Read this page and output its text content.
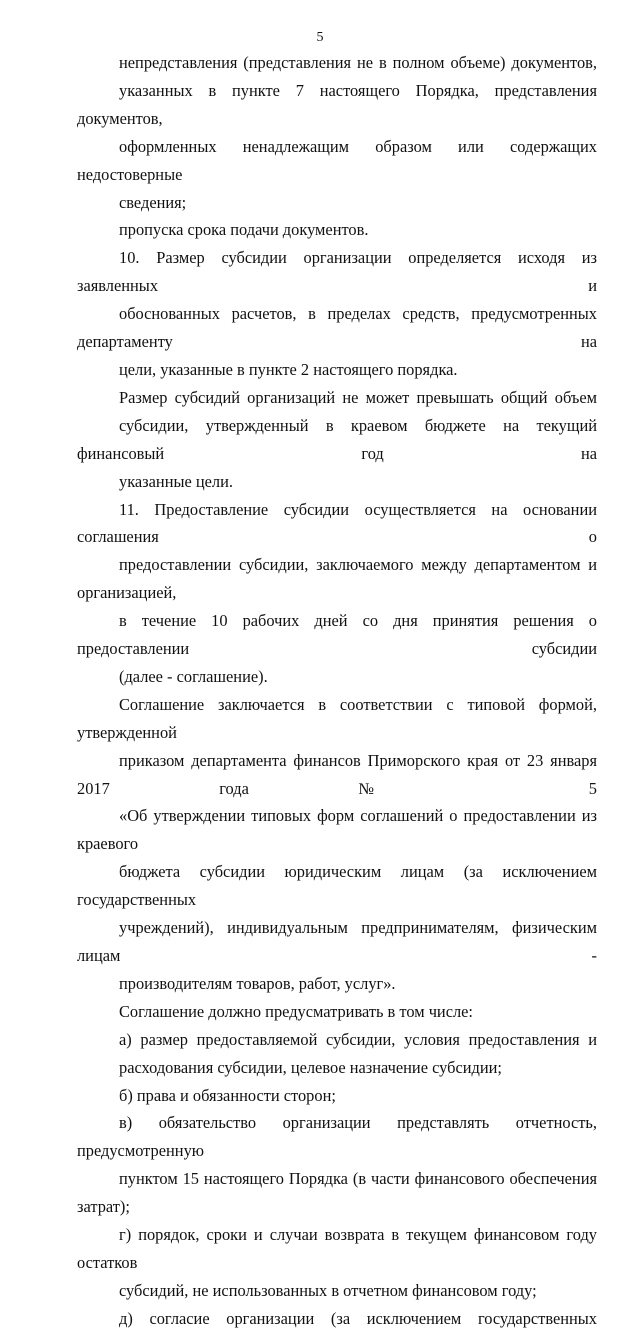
5
непредставления (представления не в полном объеме) документов,
указанных в пункте 7 настоящего Порядка, представления документов,
оформленных ненадлежащим образом или содержащих недостоверные
сведения;
пропуска срока подачи документов.
10. Размер субсидии организации определяется исходя из заявленных и
обоснованных расчетов, в пределах средств, предусмотренных департаменту на
цели, указанные в пункте 2 настоящего порядка.
Размер субсидий организаций не может превышать общий объем
субсидии, утвержденный в краевом бюджете на текущий финансовый год на
указанные цели.
11. Предоставление субсидии осуществляется на основании соглашения о
предоставлении субсидии, заключаемого между департаментом и организацией,
в течение 10 рабочих дней со дня принятия решения о предоставлении субсидии
(далее - соглашение).
Соглашение заключается в соответствии с типовой формой, утвержденной
приказом департамента финансов Приморского края от 23 января 2017 года № 5
«Об утверждении типовых форм соглашений о предоставлении из краевого
бюджета субсидии юридическим лицам (за исключением государственных
учреждений), индивидуальным предпринимателям, физическим лицам -
производителям товаров, работ, услуг».
Соглашение должно предусматривать в том числе:
а) размер предоставляемой субсидии, условия предоставления и
расходования субсидии, целевое назначение субсидии;
б) права и обязанности сторон;
в) обязательство организации представлять отчетность, предусмотренную
пунктом 15 настоящего Порядка (в части финансового обеспечения затрат);
г) порядок, сроки и случаи возврата в текущем финансовом году остатков
субсидий, не использованных в отчетном финансовом году;
д) согласие организации (за исключением государственных
